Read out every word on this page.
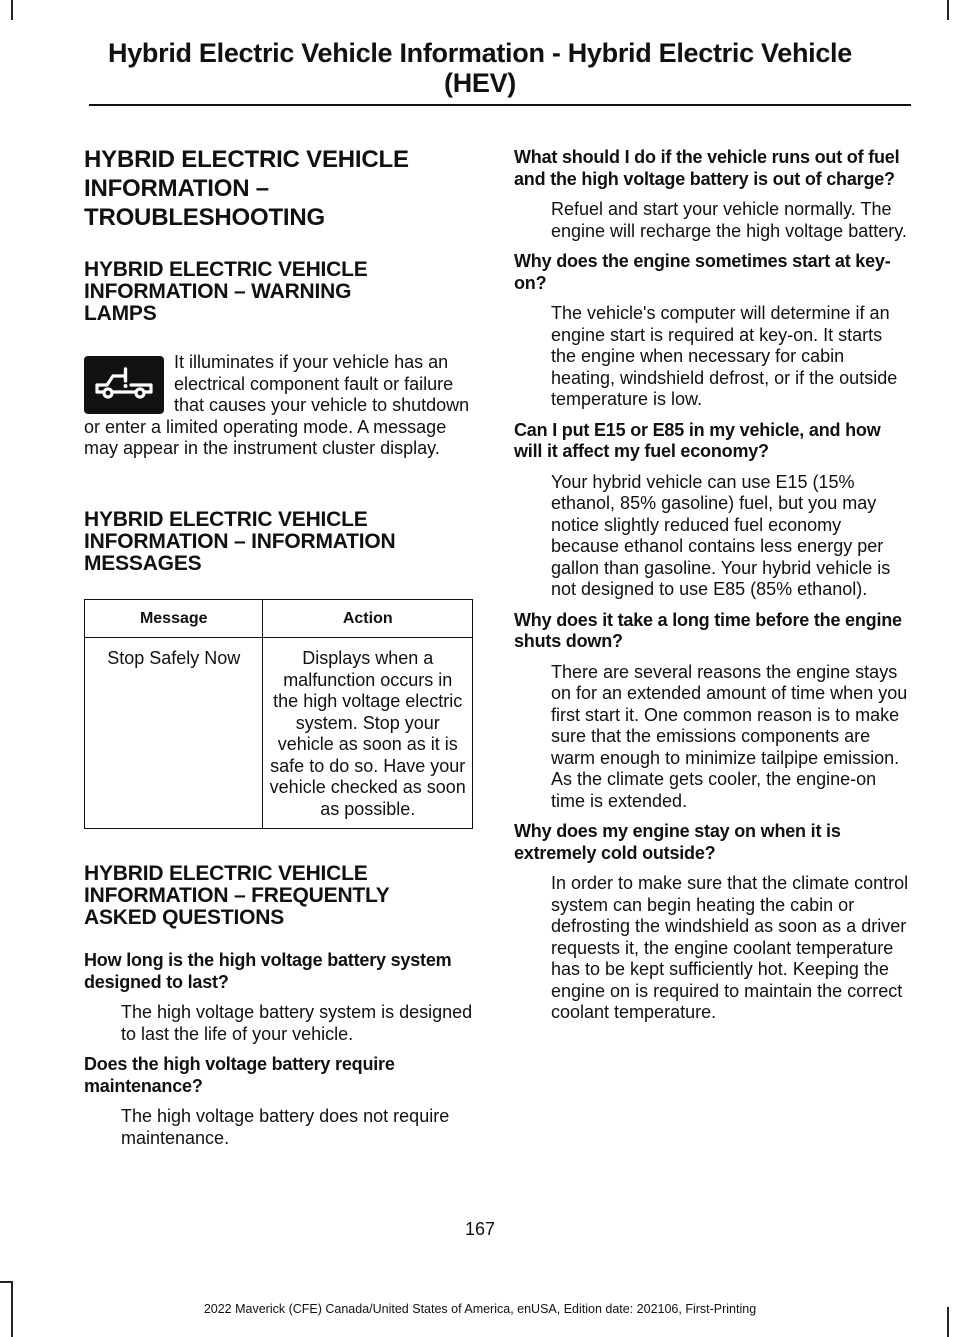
Hybrid Electric Vehicle Information - Hybrid Electric Vehicle
(HEV)
HYBRID ELECTRIC VEHICLE
INFORMATION –
TROUBLESHOOTING
HYBRID ELECTRIC VEHICLE
INFORMATION – WARNING
LAMPS

It illuminates if your vehicle has an electrical component fault or failure that causes your vehicle to shutdown or enter a limited operating mode. A message may appear in the instrument cluster display.

HYBRID ELECTRIC VEHICLE
INFORMATION – INFORMATION
MESSAGES
Message	Action
Stop Safely Now	Displays when a malfunction occurs in the high voltage electric system. Stop your vehicle as soon as it is safe to do so. Have your vehicle checked as soon as possible.
HYBRID ELECTRIC VEHICLE
INFORMATION – FREQUENTLY
ASKED QUESTIONS

How long is the high voltage battery system designed to last?

The high voltage battery system is designed to last the life of your vehicle.

Does the high voltage battery require maintenance?

The high voltage battery does not require maintenance.

What should I do if the vehicle runs out of fuel and the high voltage battery is out of charge?

Refuel and start your vehicle normally. The engine will recharge the high voltage battery.

Why does the engine sometimes start at key-on?

The vehicle's computer will determine if an engine start is required at key-on. It starts the engine when necessary for cabin heating, windshield defrost, or if the outside temperature is low.

Can I put E15 or E85 in my vehicle, and how will it affect my fuel economy?

Your hybrid vehicle can use E15 (15% ethanol, 85% gasoline) fuel, but you may notice slightly reduced fuel economy because ethanol contains less energy per gallon than gasoline. Your hybrid vehicle is not designed to use E85 (85% ethanol).

Why does it take a long time before the engine shuts down?

There are several reasons the engine stays on for an extended amount of time when you first start it. One common reason is to make sure that the emissions components are warm enough to minimize tailpipe emission. As the climate gets cooler, the engine-on time is extended.

Why does my engine stay on when it is extremely cold outside?

In order to make sure that the climate control system can begin heating the cabin or defrosting the windshield as soon as a driver requests it, the engine coolant temperature has to be kept sufficiently hot. Keeping the engine on is required to maintain the correct coolant temperature.

167
2022 Maverick (CFE) Canada/United States of America, enUSA, Edition date: 202106, First-Printing
